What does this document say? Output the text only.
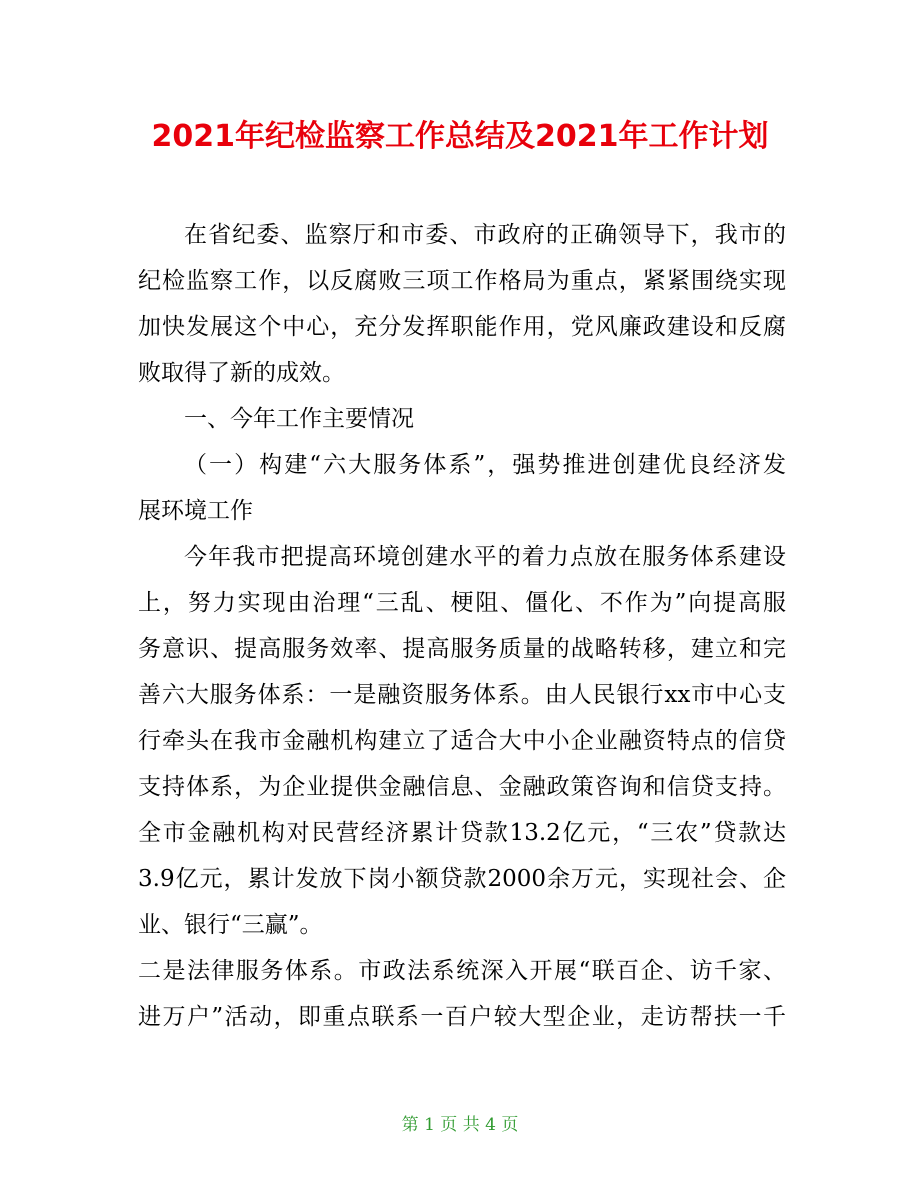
2021年纪检监察工作总结及2021年工作计划
在省纪委、监察厅和市委、市政府的正确领导下，我市的
纪检监察工作，以反腐败三项工作格局为重点，紧紧围绕实现
加快发展这个中心，充分发挥职能作用，党风廉政建设和反腐
败取得了新的成效。
一、今年工作主要情况
（一）构建“六大服务体系”，强势推进创建优良经济发
展环境工作
今年我市把提高环境创建水平的着力点放在服务体系建设
上，努力实现由治理“三乱、梗阻、僵化、不作为”向提高服
务意识、提高服务效率、提高服务质量的战略转移，建立和完
善六大服务体系：一是融资服务体系。由人民银行xx市中心支
行牵头在我市金融机构建立了适合大中小企业融资特点的信贷
支持体系，为企业提供金融信息、金融政策咨询和信贷支持。
全市金融机构对民营经济累计贷款13.2亿元，“三农”贷款达
3.9亿元，累计发放下岗小额贷款2000余万元，实现社会、企
业、银行“三赢”。
二是法律服务体系。市政法系统深入开展“联百企、访千家、
进万户”活动，即重点联系一百户较大型企业，走访帮扶一千
第 1 页 共 4 页
